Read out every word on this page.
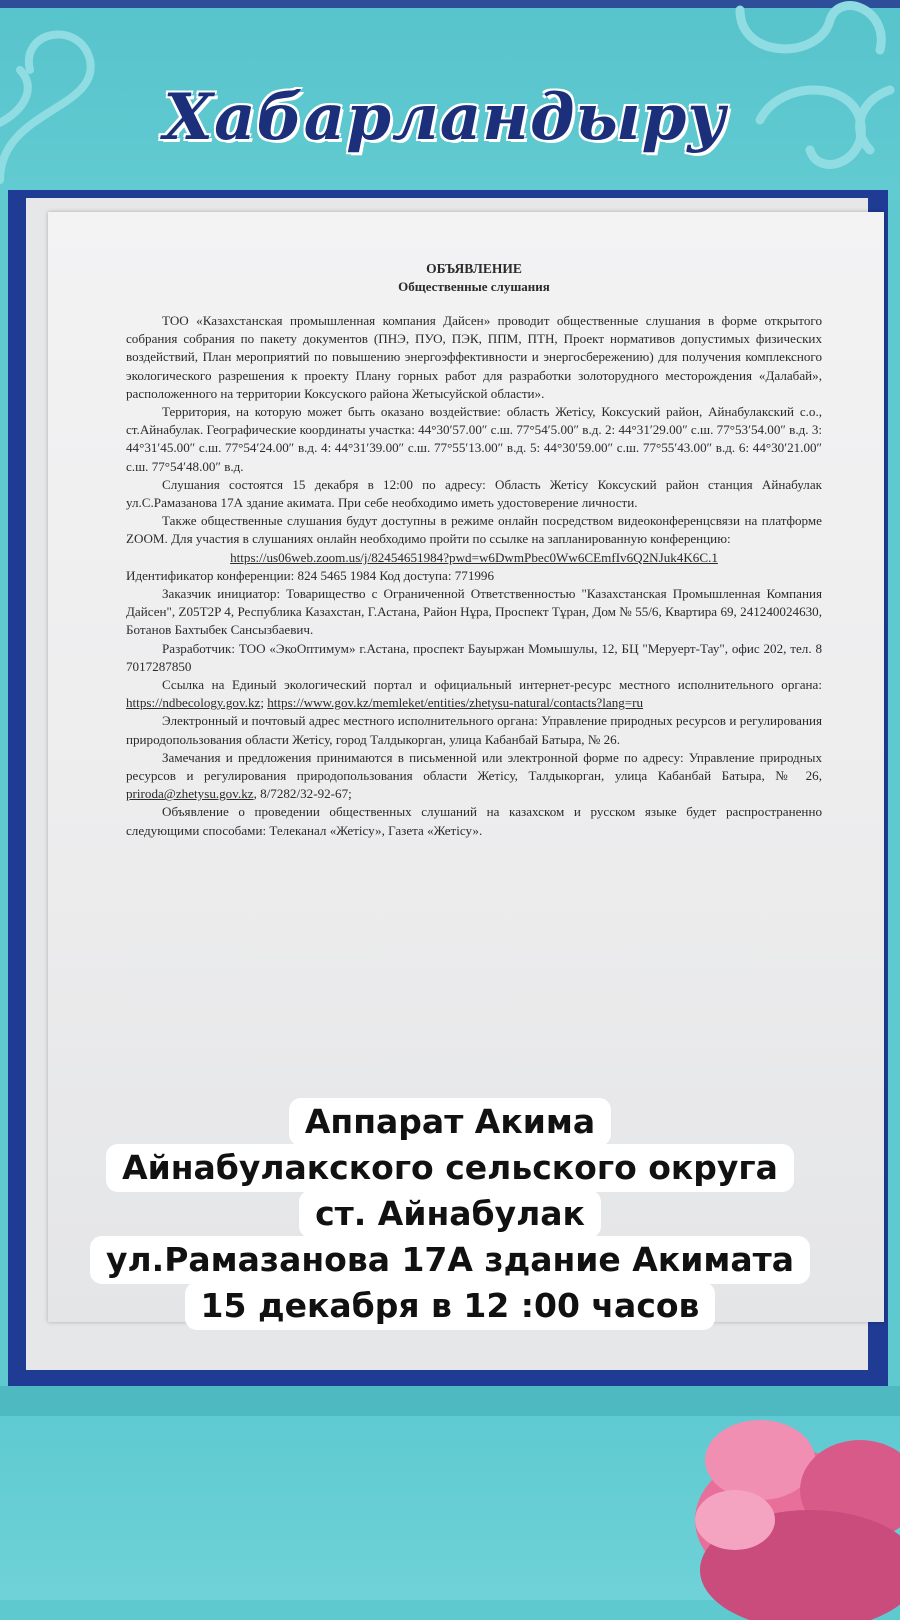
Хабарландыру
ОБЪЯВЛЕНИЕ
Общественные слушания

ТОО «Казахстанская промышленная компания Дайсен» проводит общественные слушания в форме открытого собрания собрания по пакету документов (ПНЭ, ПУО, ПЭК, ППМ, ПТН, Проект нормативов допустимых физических воздействий, План мероприятий по повышению энергоэффективности и энергосбережению) для получения комплексного экологического разрешения к проекту Плану горных работ для разработки золоторудного месторождения «Далабай», расположенного на территории Коксуского района Жетысуйской области».

Территория, на которую может быть оказано воздействие: область Жетісу, Коксуский район, Айнабулакский с.о., ст.Айнабулак. Географические координаты участка: 44°30′57.00″ с.ш. 77°54′5.00″ в.д. 2: 44°31′29.00″ с.ш. 77°53′54.00″ в.д. 3: 44°31′45.00″ с.ш. 77°54′24.00″ в.д. 4: 44°31′39.00″ с.ш. 77°55′13.00″ в.д. 5: 44°30′59.00″ с.ш. 77°55′43.00″ в.д. 6: 44°30′21.00″ с.ш. 77°54′48.00″ в.д.

Слушания состоятся 15 декабря в 12:00 по адресу: Область Жетісу Коксуский район станция Айнабулак ул.С.Рамазанова 17А здание акимата. При себе необходимо иметь удостоверение личности.

Также общественные слушания будут доступны в режиме онлайн посредством видеоконференцсвязи на платформе ZOOM. Для участия в слушаниях онлайн необходимо пройти по ссылке на запланированную конференцию:

https://us06web.zoom.us/j/82454651984?pwd=w6DwmPbec0Ww6CEmfIv6Q2NJuk4K6C.1

Идентификатор конференции: 824 5465 1984 Код доступа: 771996

Заказчик инициатор: Товарищество с Ограниченной Ответственностью "Казахстанская Промышленная Компания Дайсен", Z05T2P 4, Республика Казахстан, Г.Астана, Район Нұра, Проспект Тұран, Дом № 55/6, Квартира 69, 241240024630, Ботанов Бахтыбек Сансызбаевич.

Разработчик: ТОО «ЭкоОптимум» г.Астана, проспект Бауыржан Момышулы, 12, БЦ "Меруерт-Тау", офис 202, тел. 8 7017287850

Ссылка на Единый экологический портал и официальный интернет-ресурс местного исполнительного органа: https://ndbecology.gov.kz; https://www.gov.kz/memleket/entities/zhetysu-natural/contacts?lang=ru

Электронный и почтовый адрес местного исполнительного органа: Управление природных ресурсов и регулирования природопользования области Жетісу, город Талдыкорган, улица Кабанбай Батыра, № 26.

Замечания и предложения принимаются в письменной или электронной форме по адресу: Управление природных ресурсов и регулирования природопользования области Жетісу, Талдыкорган, улица Кабанбай Батыра, № 26, priroda@zhetysu.gov.kz, 8/7282/32-92-67;

Объявление о проведении общественных слушаний на казахском и русском языке будет распространенно следующими способами: Телеканал «Жетісу», Газета «Жетісу».

Аппарат Акима
Айнабулакского сельского округа
ст. Айнабулак
ул.Рамазанова 17А здание Акимата
15 декабря в 12 :00 часов
